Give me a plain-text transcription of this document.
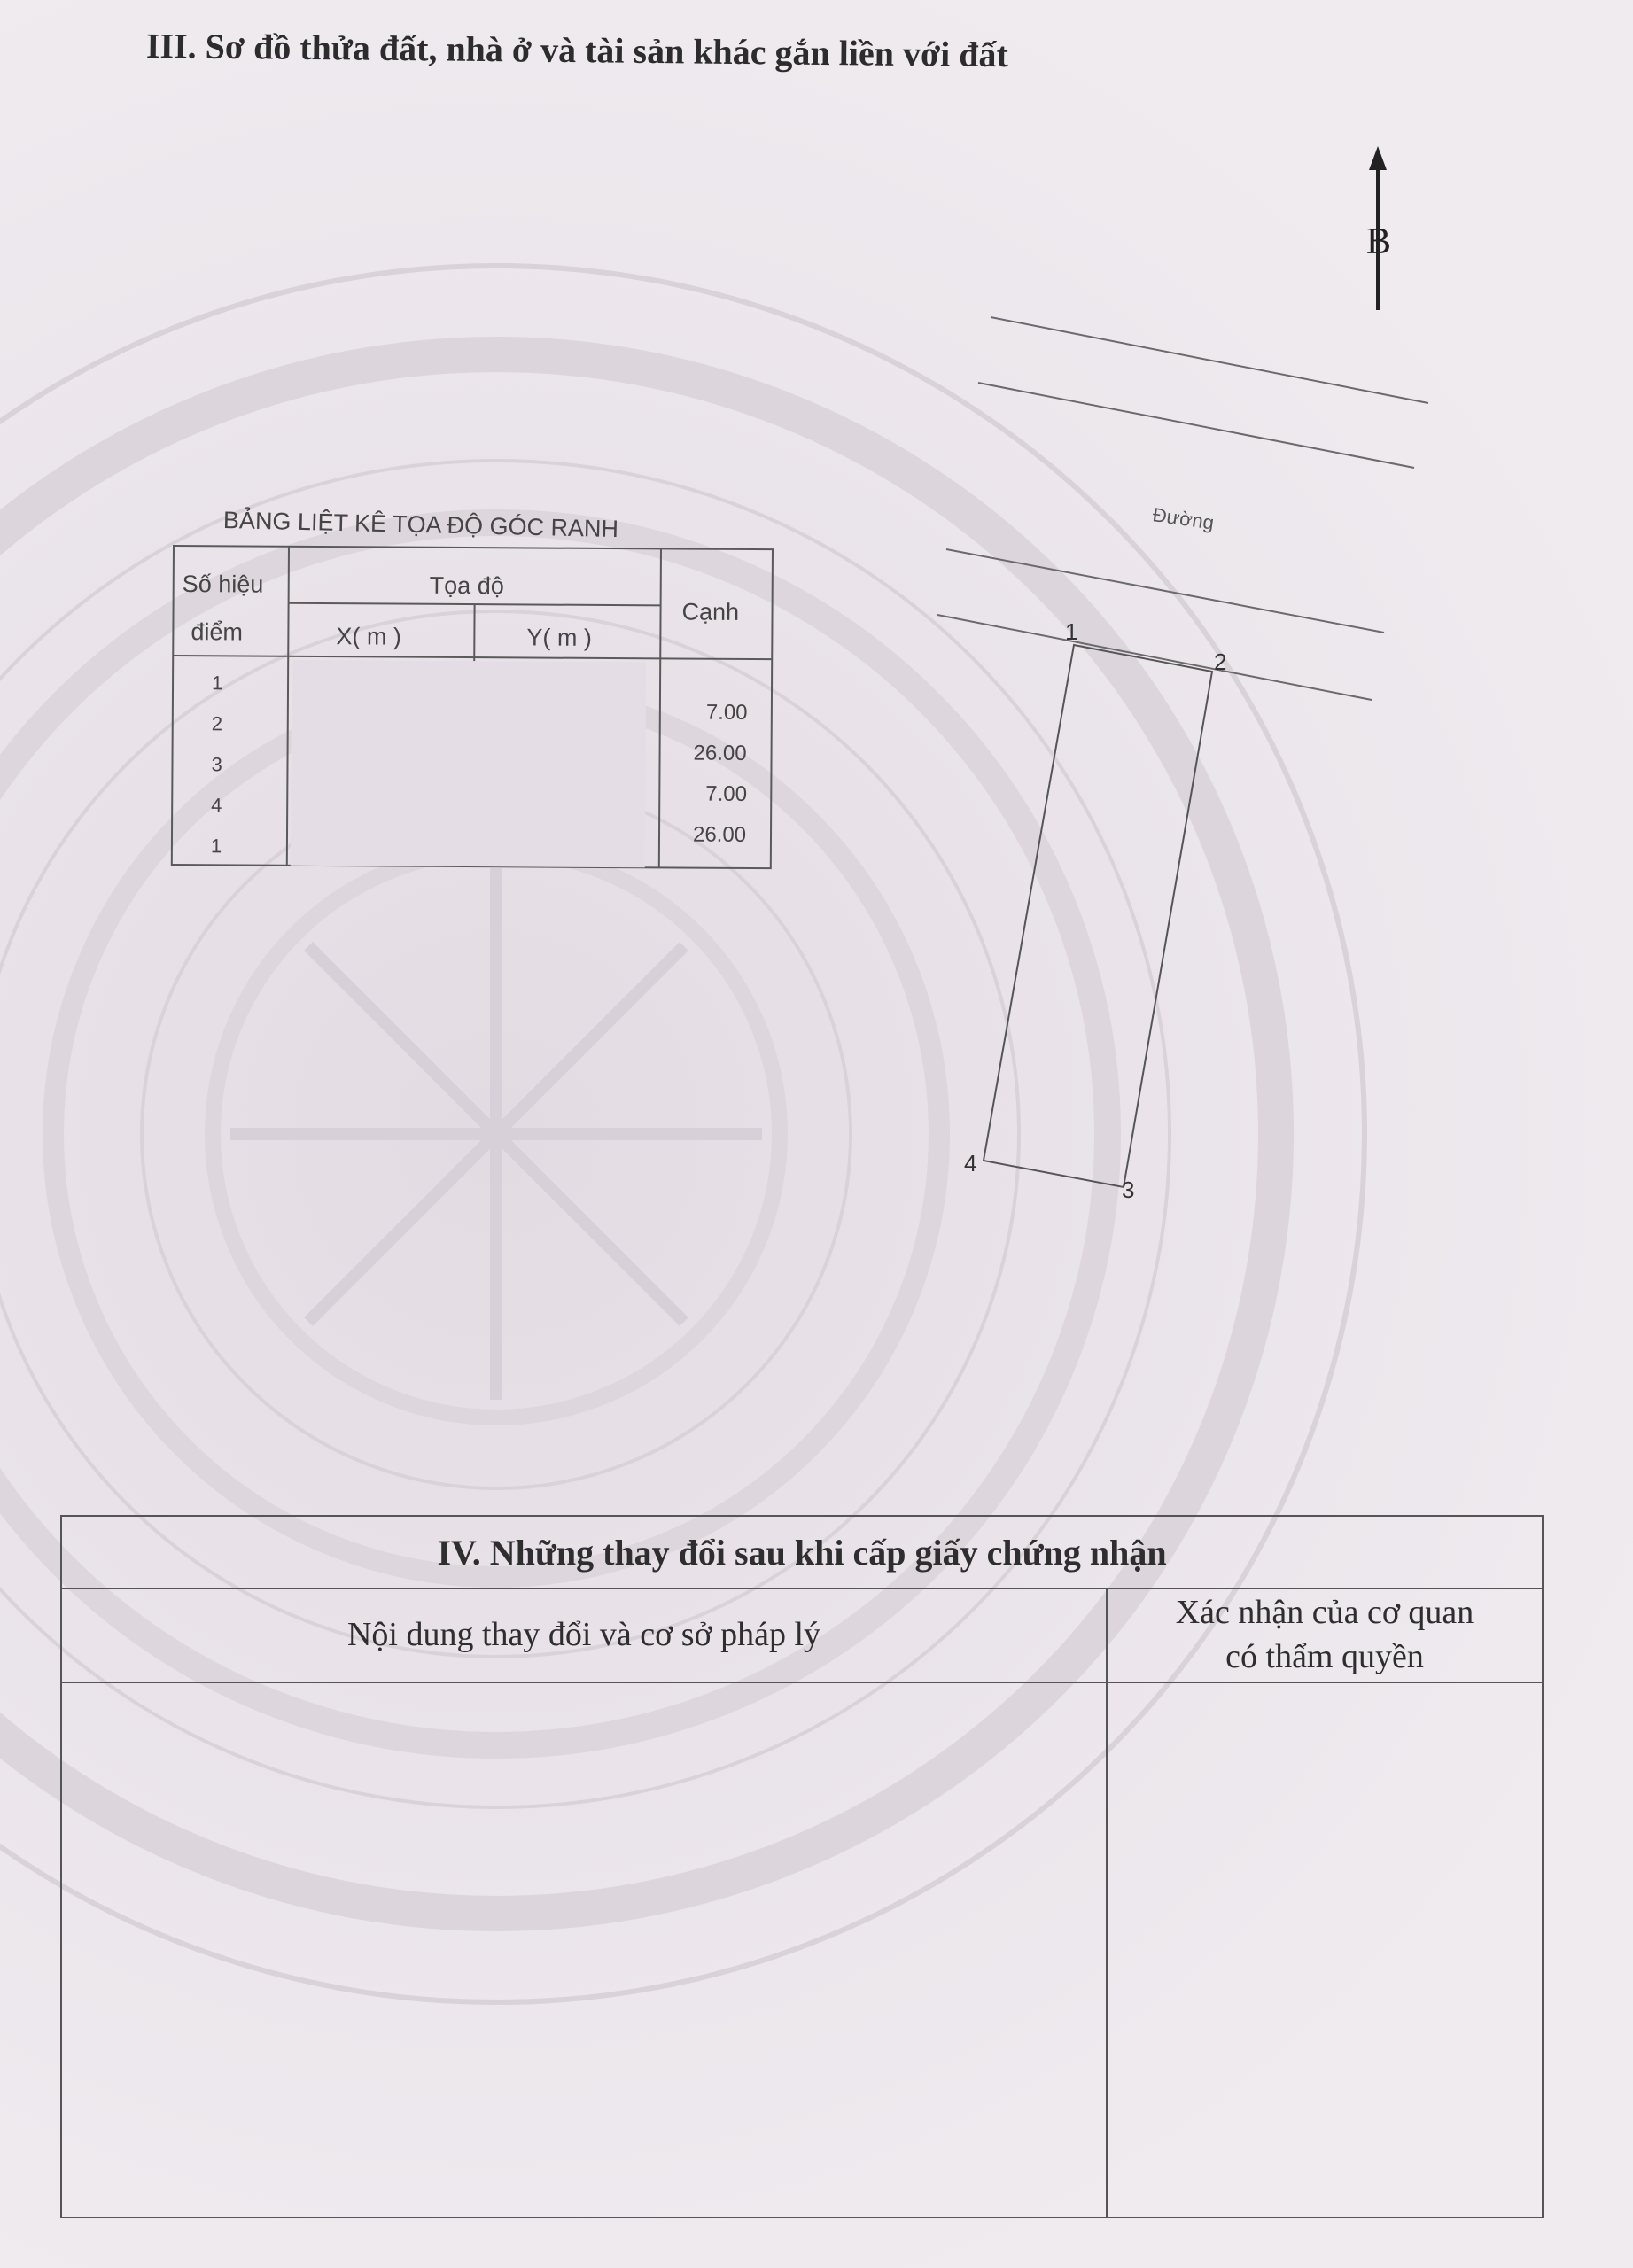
III. Sơ đồ thửa đất, nhà ở và tài sản khác gắn liền với đất
BẢNG LIỆT KÊ TỌA ĐỘ GÓC RANH
Số hiệu
điểm
Tọa độ
X( m )	Y( m )
Cạnh
1
2
3
4
1
7.00
26.00
7.00
26.00
B
Đường
1
2
3
4
IV. Những thay đổi sau khi cấp giấy chứng nhận
Nội dung thay đổi và cơ sở pháp lý
Xác nhận của cơ quan
có thẩm quyền
